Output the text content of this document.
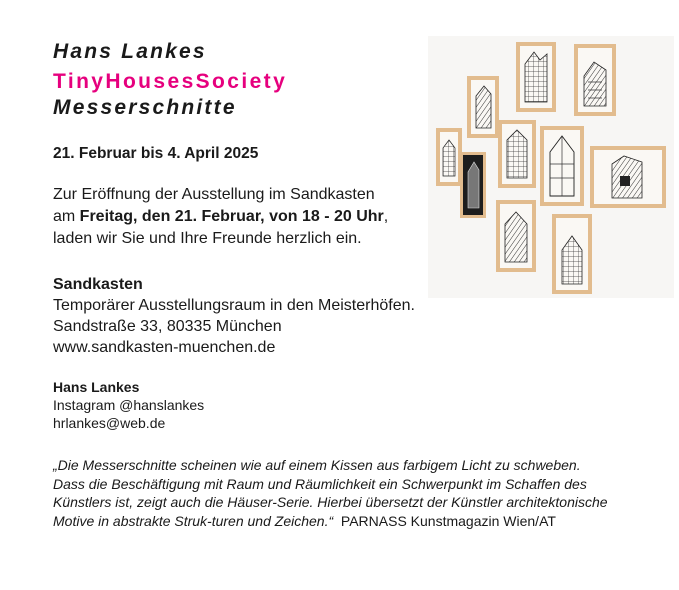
Hans Lankes
TinyHousesSociety
Messerschnitte
21. Februar bis 4. April 2025
Zur Eröffnung der Ausstellung im Sandkasten
am Freitag, den 21. Februar, von 18 - 20 Uhr,
laden wir Sie und Ihre Freunde herzlich ein.
Sandkasten
Temporärer Ausstellungsraum in den Meisterhöfen.
Sandstraße 33, 80335 München
www.sandkasten-muenchen.de
Hans Lankes
Instagram @hanslankes
hrlankes@web.de
„Die Messerschnitte scheinen wie auf einem Kissen aus farbigem Licht zu schweben. Dass die Beschäftigung mit Raum und Räumlichkeit ein Schwerpunkt im Schaffen des Künstlers ist, zeigt auch die Häuser-Serie. Hierbei übersetzt der Künstler architektonische Motive in abstrakte Struk-turen und Zeichen.“ PARNASS Kunstmagazin Wien/AT
